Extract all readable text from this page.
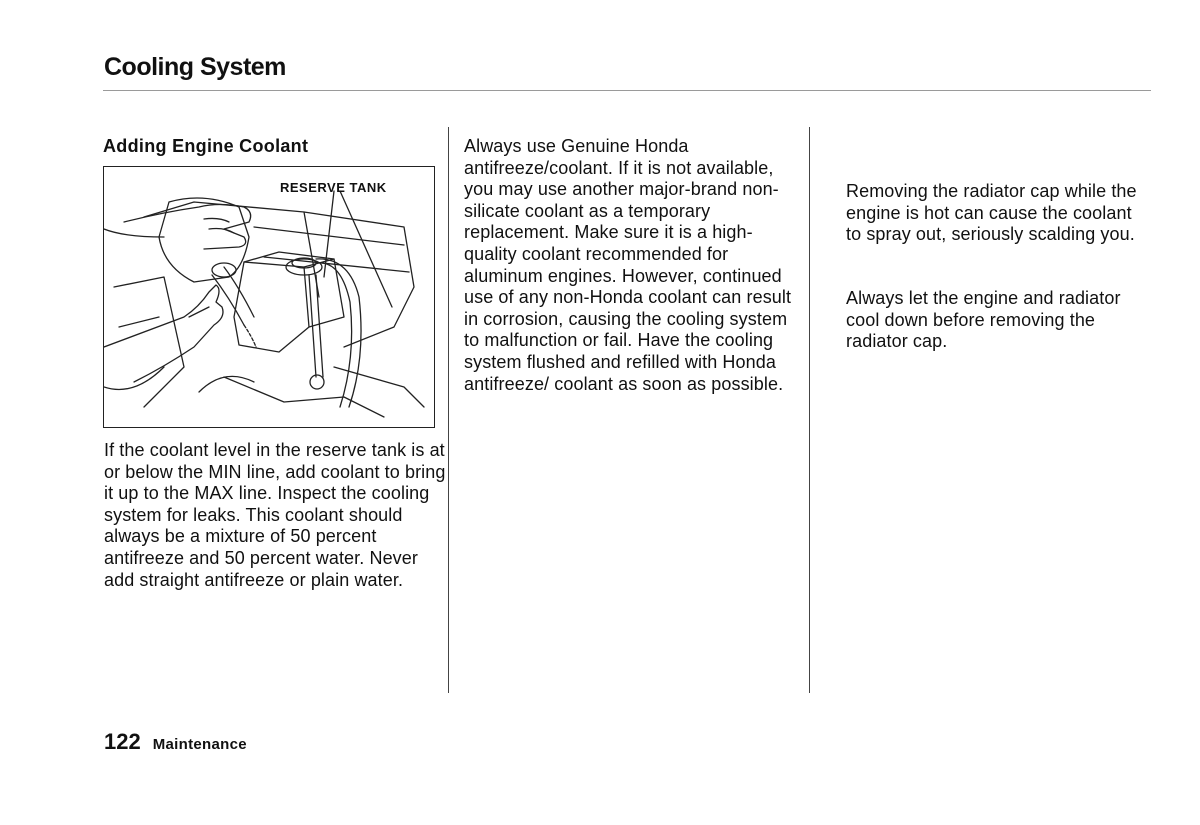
Cooling System
Adding Engine Coolant
RESERVE TANK

If the coolant level in the reserve tank is at or below the MIN line, add coolant to bring it up to the MAX line. Inspect the cooling system for leaks. This coolant should always be a mixture of 50 percent antifreeze and 50 percent water. Never add straight antifreeze or plain water.

Always use Genuine Honda antifreeze/coolant. If it is not available, you may use another major-brand non-silicate coolant as a temporary replacement. Make sure it is a high-quality coolant recommended for aluminum engines. However, continued use of any non-Honda coolant can result in corrosion, causing the cooling system to malfunction or fail. Have the cooling system flushed and refilled with Honda antifreeze/ coolant as soon as possible.

Removing the radiator cap while the engine is hot can cause the coolant to spray out, seriously scalding you.

Always let the engine and radiator cool down before removing the radiator cap.

122 Maintenance
